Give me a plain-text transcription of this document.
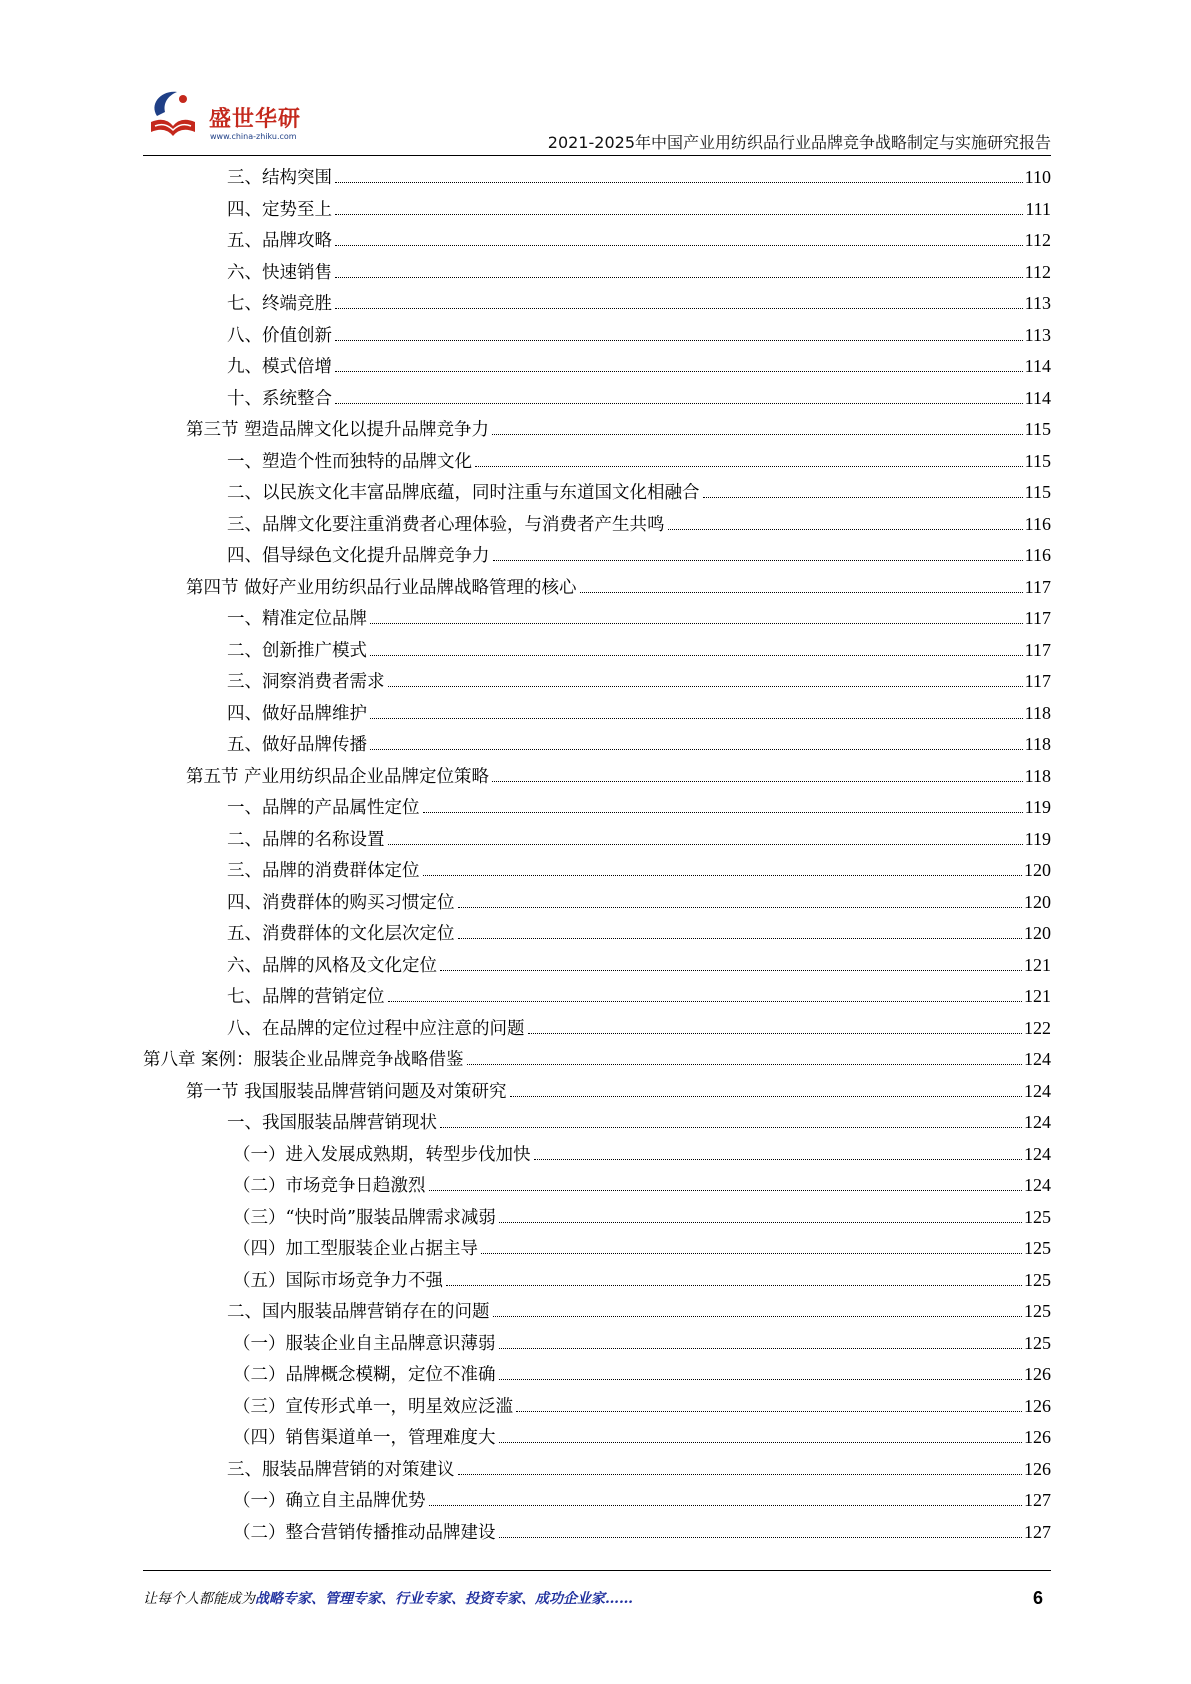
盛世华研
www.china-zhiku.com	2021-2025年中国产业用纺织品行业品牌竞争战略制定与实施研究报告
三、结构突围	110
四、定势至上	111
五、品牌攻略	112
六、快速销售	112
七、终端竞胜	113
八、价值创新	113
九、模式倍增	114
十、系统整合	114
第三节 塑造品牌文化以提升品牌竞争力	115
一、塑造个性而独特的品牌文化	115
二、以民族文化丰富品牌底蕴，同时注重与东道国文化相融合	115
三、品牌文化要注重消费者心理体验，与消费者产生共鸣	116
四、倡导绿色文化提升品牌竞争力	116
第四节 做好产业用纺织品行业品牌战略管理的核心	117
一、精准定位品牌	117
二、创新推广模式	117
三、洞察消费者需求	117
四、做好品牌维护	118
五、做好品牌传播	118
第五节 产业用纺织品企业品牌定位策略	118
一、品牌的产品属性定位	119
二、品牌的名称设置	119
三、品牌的消费群体定位	120
四、消费群体的购买习惯定位	120
五、消费群体的文化层次定位	120
六、品牌的风格及文化定位	121
七、品牌的营销定位	121
八、在品牌的定位过程中应注意的问题	122
第八章 案例：服装企业品牌竞争战略借鉴	124
第一节 我国服装品牌营销问题及对策研究	124
一、我国服装品牌营销现状	124
（一）进入发展成熟期，转型步伐加快	124
（二）市场竞争日趋激烈	124
（三）“快时尚”服装品牌需求减弱	125
（四）加工型服装企业占据主导	125
（五）国际市场竞争力不强	125
二、国内服装品牌营销存在的问题	125
（一）服装企业自主品牌意识薄弱	125
（二）品牌概念模糊，定位不准确	126
（三）宣传形式单一，明星效应泛滥	126
（四）销售渠道单一，管理难度大	126
三、服装品牌营销的对策建议	126
（一）确立自主品牌优势	127
（二）整合营销传播推动品牌建设	127
让每个人都能成为战略专家、管理专家、行业专家、投资专家、成功企业家……	6
